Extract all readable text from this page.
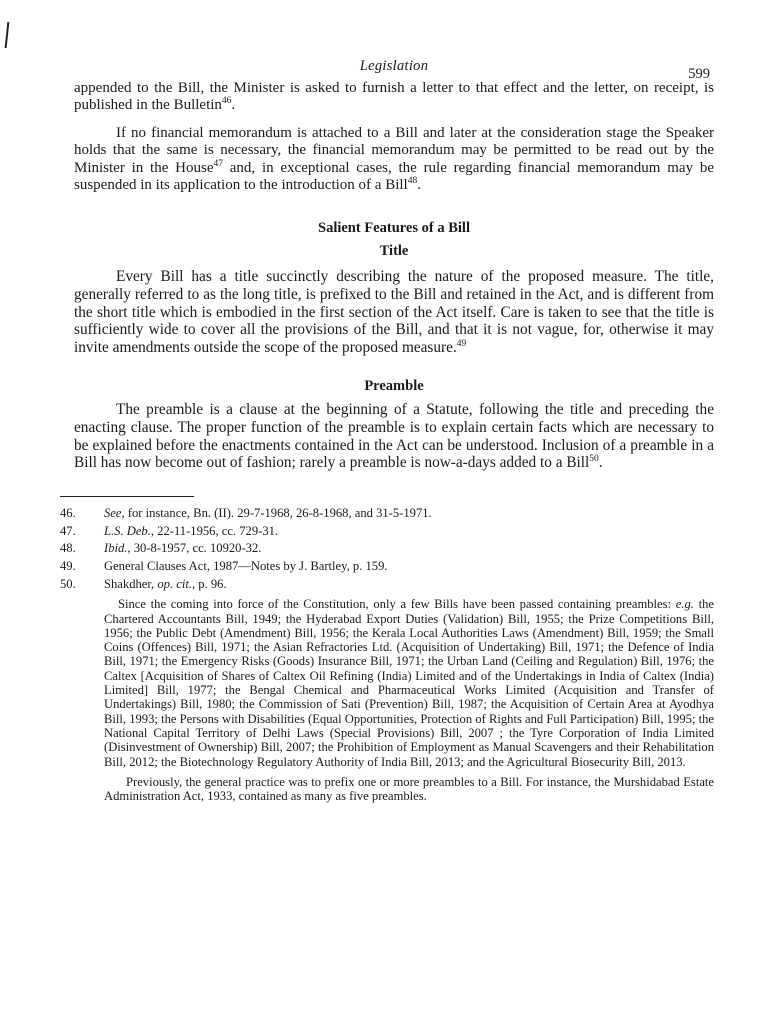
Legislation	599

appended to the Bill, the Minister is asked to furnish a letter to that effect and the letter, on receipt, is published in the Bulletin$^{46}$.

If no financial memorandum is attached to a Bill and later at the consideration stage the Speaker holds that the same is necessary, the financial memorandum may be permitted to be read out by the Minister in the House$^{47}$ and, in exceptional cases, the rule regarding financial memorandum may be suspended in its application to the introduction of a Bill$^{48}$.

Salient Features of a Bill
Title

Every Bill has a title succinctly describing the nature of the proposed measure. The title, generally referred to as the long title, is prefixed to the Bill and retained in the Act, and is different from the short title which is embodied in the first section of the Act itself. Care is taken to see that the title is sufficiently wide to cover all the provisions of the Bill, and that it is not vague, for, otherwise it may invite amendments outside the scope of the proposed measure.$^{49}$

Preamble

The preamble is a clause at the beginning of a Statute, following the title and preceding the enacting clause. The proper function of the preamble is to explain certain facts which are necessary to be explained before the enactments contained in the Act can be understood. Inclusion of a preamble in a Bill has now become out of fashion; rarely a preamble is now-a-days added to a Bill$^{50}$.

46.	See, for instance, Bn. (II). 29-7-1968, 26-8-1968, and 31-5-1971.
47.	L.S. Deb., 22-11-1956, cc. 729-31.
48.	Ibid., 30-8-1957, cc. 10920-32.
49.	General Clauses Act, 1987—Notes by J. Bartley, p. 159.
50.	Shakdher, op. cit., p. 96.
Since the coming into force of the Constitution, only a few Bills have been passed containing preambles: e.g. the Chartered Accountants Bill, 1949; the Hyderabad Export Duties (Validation) Bill, 1955; the Prize Competitions Bill, 1956; the Public Debt (Amendment) Bill, 1956; the Kerala Local Authorities Laws (Amendment) Bill, 1959; the Small Coins (Offences) Bill, 1971; the Asian Refractories Ltd. (Acquisition of Undertaking) Bill, 1971; the Defence of India Bill, 1971; the Emergency Risks (Goods) Insurance Bill, 1971; the Urban Land (Ceiling and Regulation) Bill, 1976; the Caltex [Acquisition of Shares of Caltex Oil Refining (India) Limited and of the Undertakings in India of Caltex (India) Limited] Bill, 1977; the Bengal Chemical and Pharmaceutical Works Limited (Acquisition and Transfer of Undertakings) Bill, 1980; the Commission of Sati (Prevention) Bill, 1987; the Acquisition of Certain Area at Ayodhya Bill, 1993; the Persons with Disabilities (Equal Opportunities, Protection of Rights and Full Participation) Bill, 1995; the National Capital Territory of Delhi Laws (Special Provisions) Bill, 2007 ; the Tyre Corporation of India Limited (Disinvestment of Ownership) Bill, 2007; the Prohibition of Employment as Manual Scavengers and their Rehabilitation Bill, 2012; the Biotechnology Regulatory Authority of India Bill, 2013; and the Agricultural Biosecurity Bill, 2013.
Previously, the general practice was to prefix one or more preambles to a Bill. For instance, the Murshidabad Estate Administration Act, 1933, contained as many as five preambles.
